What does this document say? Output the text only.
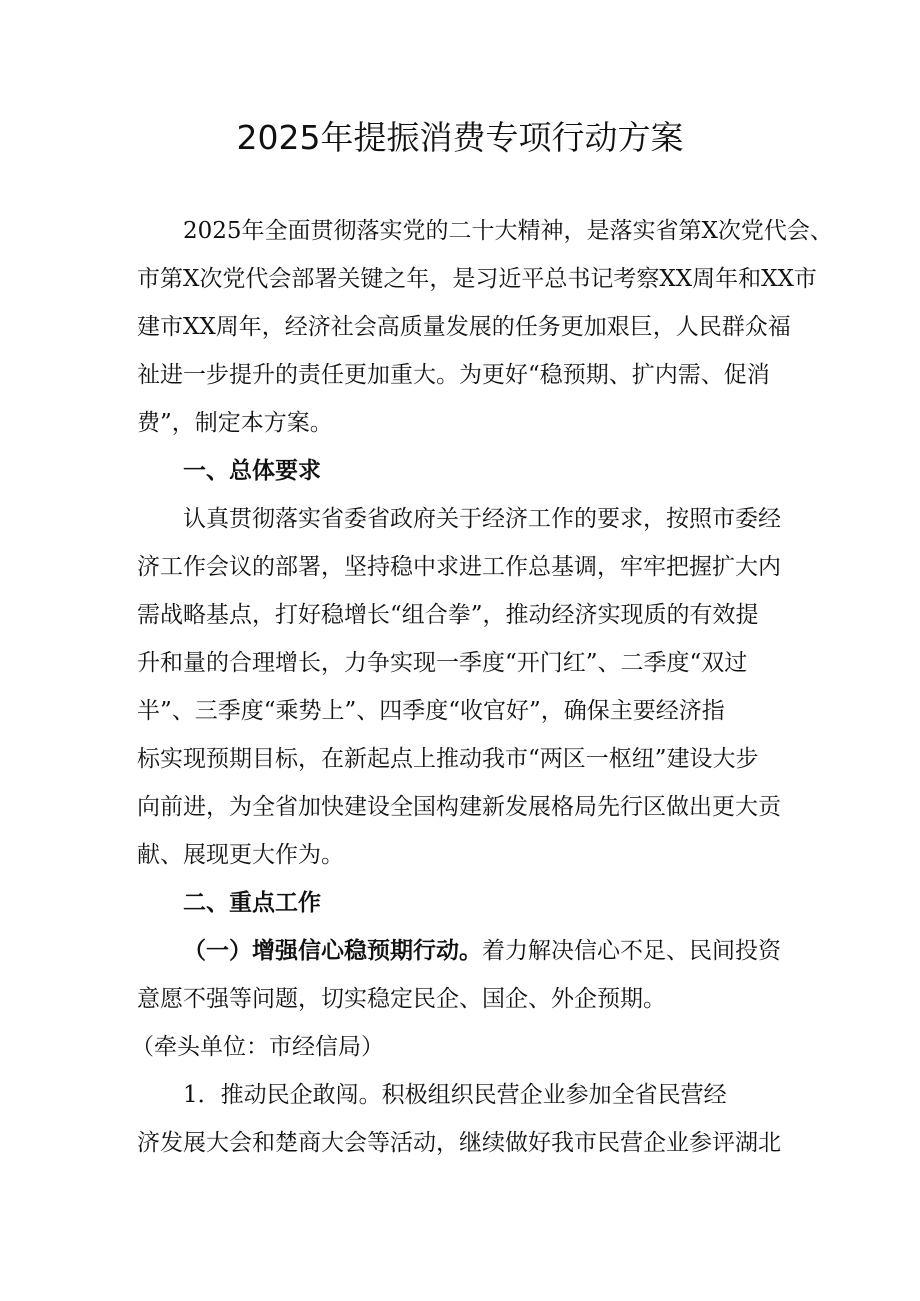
2025年提振消费专项行动方案
2025年全面贯彻落实党的二十大精神，是落实省第X次党代会、
市第X次党代会部署关键之年，是习近平总书记考察XX周年和XX市
建市XX周年，经济社会高质量发展的任务更加艰巨，人民群众福
祉进一步提升的责任更加重大。为更好“稳预期、扩内需、促消
费”，制定本方案。
一、总体要求
认真贯彻落实省委省政府关于经济工作的要求，按照市委经
济工作会议的部署，坚持稳中求进工作总基调，牢牢把握扩大内
需战略基点，打好稳增长“组合拳”，推动经济实现质的有效提
升和量的合理增长，力争实现一季度“开门红”、二季度“双过
半”、三季度“乘势上”、四季度“收官好”，确保主要经济指
标实现预期目标，在新起点上推动我市“两区一枢纽”建设大步
向前进，为全省加快建设全国构建新发展格局先行区做出更大贡
献、展现更大作为。
二、重点工作
（一）增强信心稳预期行动。着力解决信心不足、民间投资
意愿不强等问题，切实稳定民企、国企、外企预期。
（牵头单位：市经信局）
1．推动民企敢闯。积极组织民营企业参加全省民营经
济发展大会和楚商大会等活动，继续做好我市民营企业参评湖北
